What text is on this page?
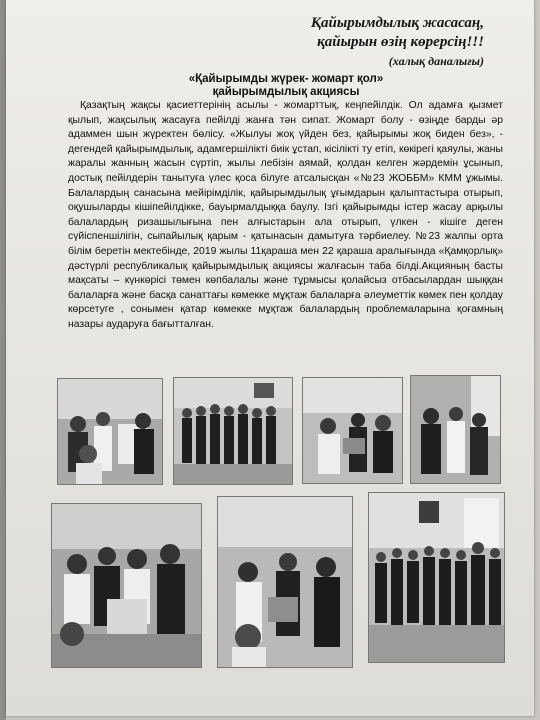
Қайырымдылық жасасаң,
қайырын өзің көрерсің!!!
(халық даналығы)
«Қайырымды жүрек- жомарт қол»
қайырымдылық акциясы
Қазақтың жақсы қасиеттерінің асылы - жомарттық, кеңпейілдік. Ол адамға қызмет қылып, жақсылық жасауға пейілді жанға тән сипат. Жомарт болу - өзіңде барды әр адаммен шын жүректен бөлісу. «Жылуы жоқ үйден без, қайырымы жоқ биден без», - дегендей қайырымдылық, адамгершілікті биік ұстап, кісілікті ту етіп, көкірегі қаяулы, жаны жаралы жанның жасын сүртіп, жылы лебізін аямай, қолдан келген жәрдемін ұсынып, достық пейілдерін танытуға үлес қоса білуге атсалысқан «№23 ЖОББМ» КММ ұжымы. Балалардың санасына мейірімділік, қайырымдылық ұғымдарын қалыптастыра отырып, оқушыларды кішіпейілдікке, бауырмалдыққа баулу. Ізгі қайырымды істер жасау арқылы балалардың ризашылығына пен алғыстарын ала отырып, үлкен - кішіге деген сүйіспеншілігін, сыпайылық қарым - қатынасын дамытуға тәрбиелеу. №23 жалпы орта білім беретін мектебінде, 2019 жылы 11қараша мен 22 қараша аралығында «Қамқорлық» дәстүрлі республикалық қайырымдылық акциясы жалғасын таба білді.Акцияның басты мақсаты – күнкөрісі төмен көпбалалы және тұрмысы қолайсыз отбасылардан шыққан балаларға және басқа санаттағы көмекке мұқтаж балаларға әлеуметтік көмек пен қолдау көрсетуге , сонымен қатар көмекке мұқтаж балалардың проблемаларына қоғамның назары аударуға бағытталған.
